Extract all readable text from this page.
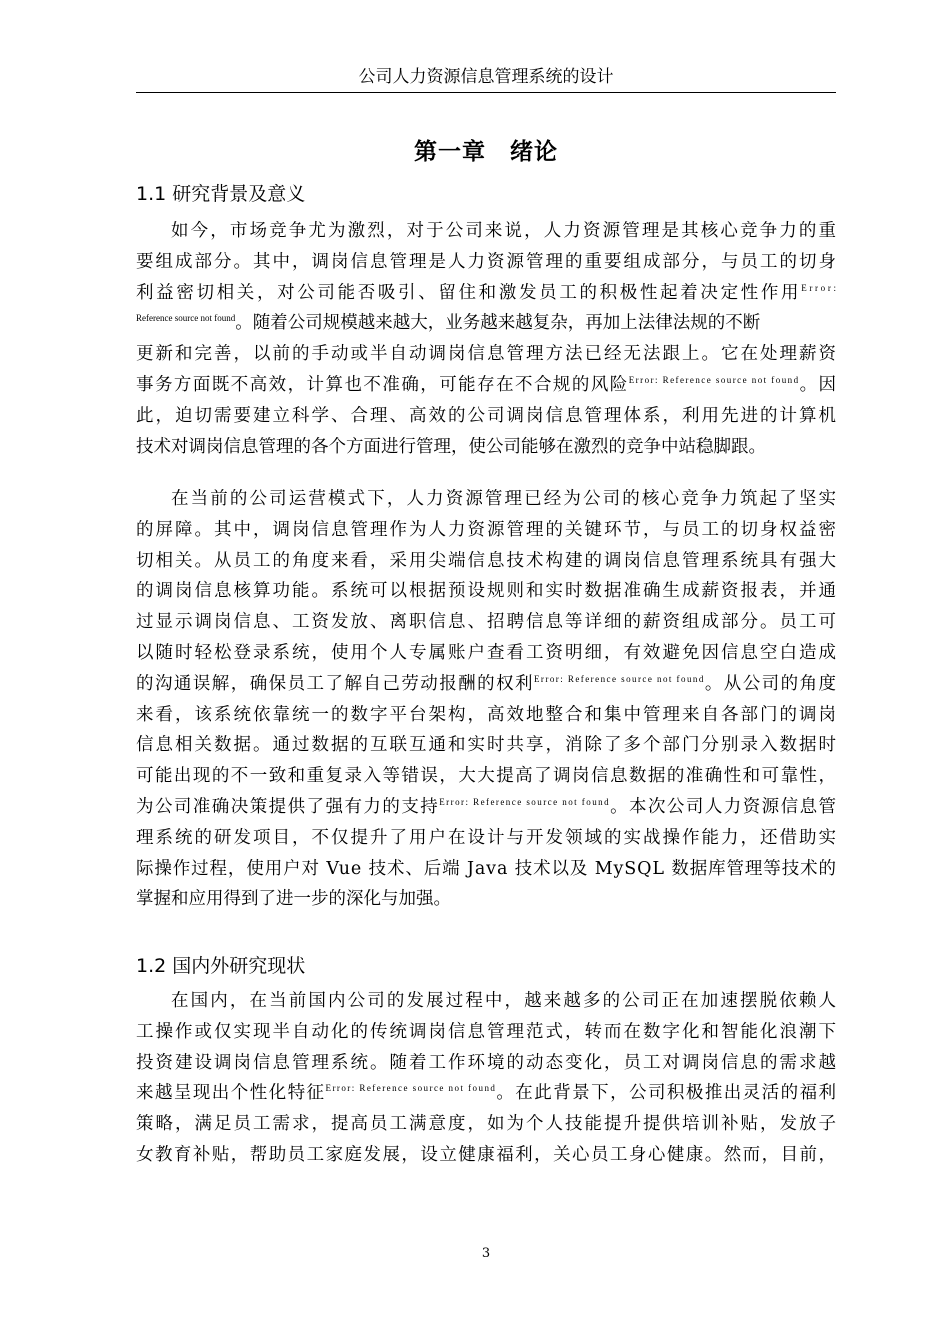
公司人力资源信息管理系统的设计
第一章 绪论
1.1 研究背景及意义
如今，市场竞争尤为激烈，对于公司来说，人力资源管理是其核心竞争力的重
要组成部分。其中，调岗信息管理是人力资源管理的重要组成部分，与员工的切身
利益密切相关，对公司能否吸引、留住和激发员工的积极性起着决定性作用$^{Error:}$
$^{Reference source not found}$。随着公司规模越来越大，业务越来越复杂，再加上法律法规的不断
更新和完善，以前的手动或半自动调岗信息管理方法已经无法跟上。它在处理薪资
事务方面既不高效，计算也不准确，可能存在不合规的风险$^{Error: Reference source not found}$。因
此，迫切需要建立科学、合理、高效的公司调岗信息管理体系，利用先进的计算机
技术对调岗信息管理的各个方面进行管理，使公司能够在激烈的竞争中站稳脚跟。
在当前的公司运营模式下，人力资源管理已经为公司的核心竞争力筑起了坚实
的屏障。其中，调岗信息管理作为人力资源管理的关键环节，与员工的切身权益密
切相关。从员工的角度来看，采用尖端信息技术构建的调岗信息管理系统具有强大
的调岗信息核算功能。系统可以根据预设规则和实时数据准确生成薪资报表，并通
过显示调岗信息、工资发放、离职信息、招聘信息等详细的薪资组成部分。员工可
以随时轻松登录系统，使用个人专属账户查看工资明细，有效避免因信息空白造成
的沟通误解，确保员工了解自己劳动报酬的权利$^{Error: Reference source not found}$。从公司的角度
来看，该系统依靠统一的数字平台架构，高效地整合和集中管理来自各部门的调岗
信息相关数据。通过数据的互联互通和实时共享，消除了多个部门分别录入数据时
可能出现的不一致和重复录入等错误，大大提高了调岗信息数据的准确性和可靠性，
为公司准确决策提供了强有力的支持$^{Error: Reference source not found}$。本次公司人力资源信息管
理系统的研发项目，不仅提升了用户在设计与开发领域的实战操作能力，还借助实
际操作过程，使用户对 Vue 技术、后端 Java 技术以及 MySQL 数据库管理等技术的
掌握和应用得到了进一步的深化与加强。
1.2 国内外研究现状
在国内，在当前国内公司的发展过程中，越来越多的公司正在加速摆脱依赖人
工操作或仅实现半自动化的传统调岗信息管理范式，转而在数字化和智能化浪潮下
投资建设调岗信息管理系统。随着工作环境的动态变化，员工对调岗信息的需求越
来越呈现出个性化特征$^{Error: Reference source not found}$。在此背景下，公司积极推出灵活的福利
策略，满足员工需求，提高员工满意度，如为个人技能提升提供培训补贴，发放子
女教育补贴，帮助员工家庭发展，设立健康福利，关心员工身心健康。然而，目前，
3
